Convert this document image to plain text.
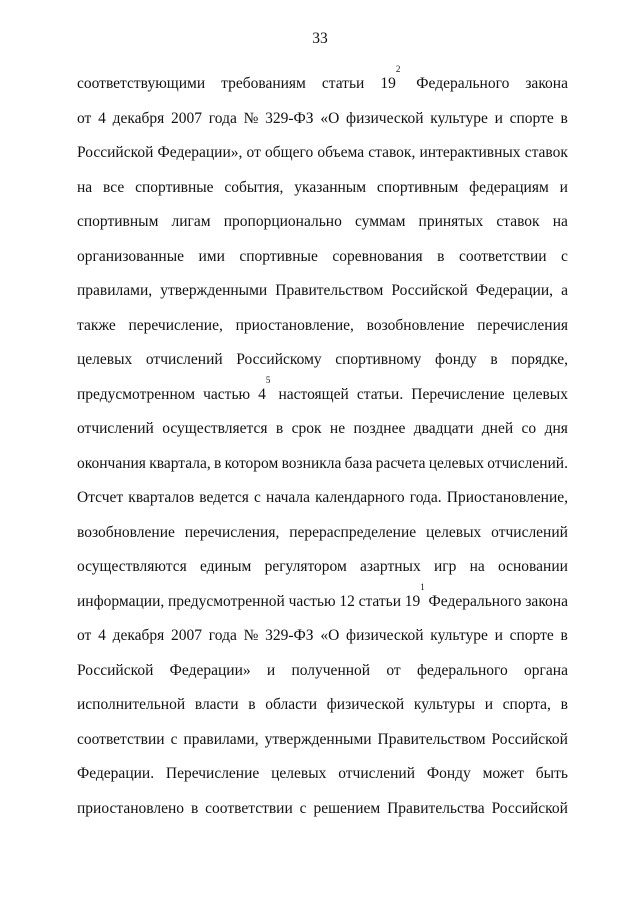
33
соответствующими требованиям статьи $19^2$
Федерального закона
от 4 декабря 2007 года № 329-ФЗ «О физической культуре и спорте в
Российской Федерации», от общего объема ставок, интерактивных ставок
на все спортивные события, указанным спортивным федерациям и
спортивным лигам пропорционально суммам принятых ставок на
организованные ими спортивные соревнования в соответствии с
правилами, утвержденными Правительством Российской Федерации, а
также перечисление, приостановление, возобновление перечисления
целевых отчислений Российскому спортивному фонду в порядке,
предусмотренном частью $4^5$
настоящей статьи. Перечисление целевых
отчислений осуществляется в срок не позднее двадцати дней со дня
окончания квартала, в котором возникла база расчета целевых отчислений.
Отсчет кварталов ведется с начала календарного года. Приостановление,
возобновление перечисления, перераспределение целевых отчислений
осуществляются единым регулятором азартных игр на основании
информации, предусмотренной частью 12 статьи $19^1$
Федерального закона
от 4 декабря 2007 года № 329-ФЗ «О физической культуре и спорте в
Российской Федерации» и полученной от федерального органа
исполнительной власти в области физической культуры и спорта, в
соответствии с правилами, утвержденными Правительством Российской
Федерации. Перечисление целевых отчислений Фонду может быть
приостановлено в соответствии с решением Правительства Российской
